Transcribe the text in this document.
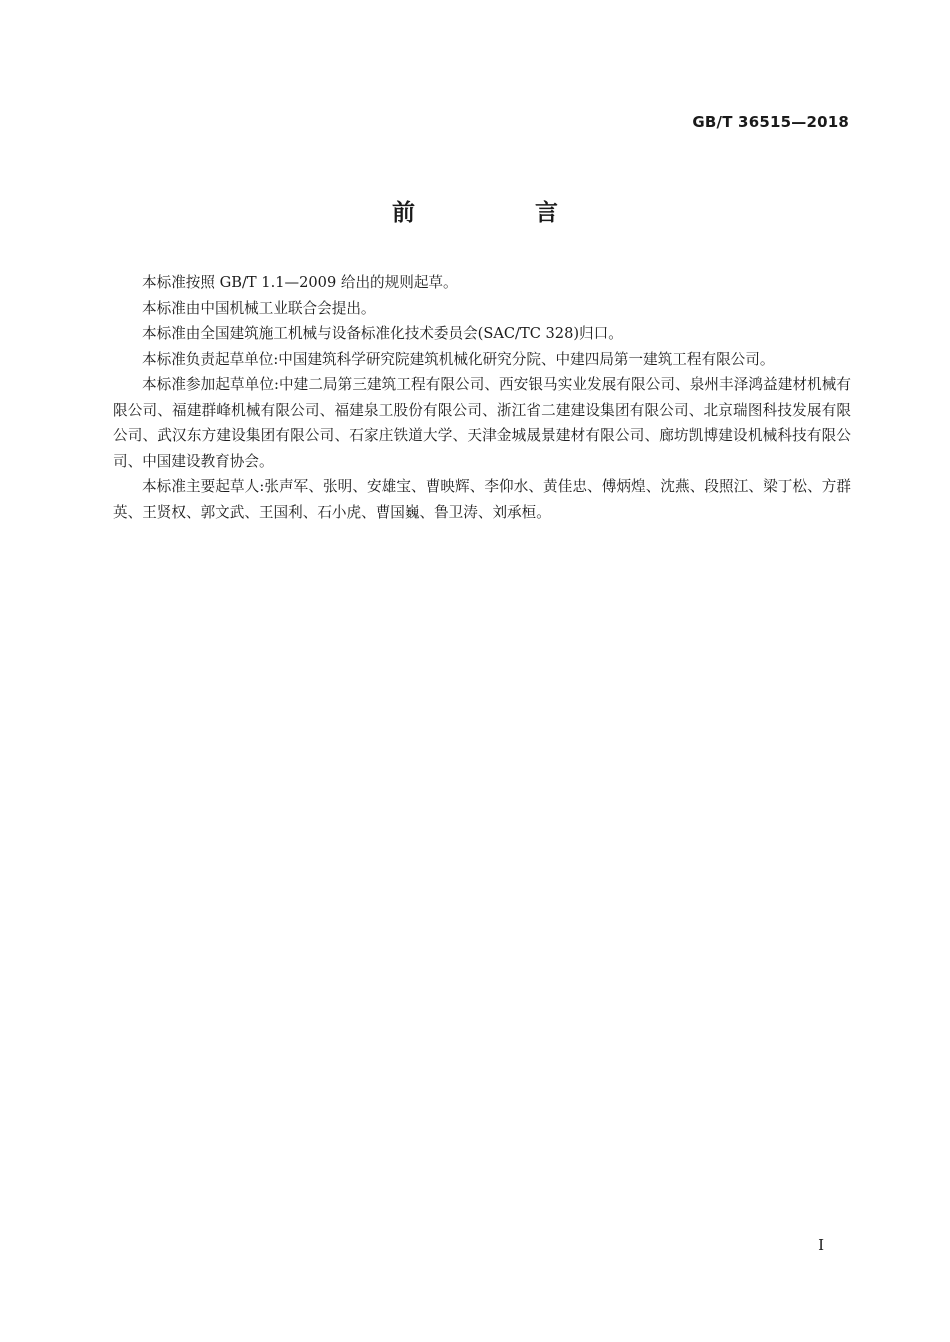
GB/T 36515—2018
前 言

本标准按照 GB/T 1.1—2009 给出的规则起草。

本标准由中国机械工业联合会提出。

本标准由全国建筑施工机械与设备标准化技术委员会(SAC/TC 328)归口。

本标准负责起草单位:中国建筑科学研究院建筑机械化研究分院、中建四局第一建筑工程有限公司。

本标准参加起草单位:中建二局第三建筑工程有限公司、西安银马实业发展有限公司、泉州丰泽鸿益建材机械有限公司、福建群峰机械有限公司、福建泉工股份有限公司、浙江省二建建设集团有限公司、北京瑞图科技发展有限公司、武汉东方建设集团有限公司、石家庄铁道大学、天津金城晟景建材有限公司、廊坊凯博建设机械科技有限公司、中国建设教育协会。

本标准主要起草人:张声军、张明、安雄宝、曹映辉、李仰水、黄佳忠、傅炳煌、沈燕、段照江、梁丁松、方群英、王贤权、郭文武、王国利、石小虎、曹国巍、鲁卫涛、刘承桓。

I
